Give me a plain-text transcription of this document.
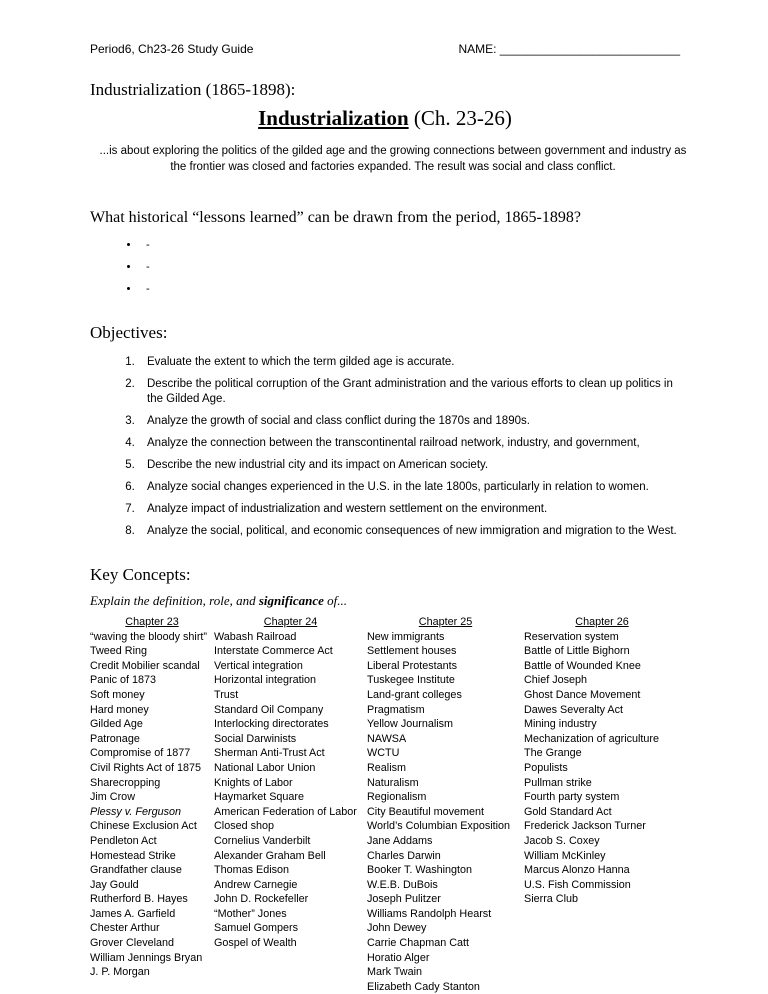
Period6, Ch23-26 Study Guide	NAME: ___________________________
Industrialization (1865-1898):
Industrialization (Ch. 23-26)
...is about exploring the politics of the gilded age and the growing connections between government and industry as the frontier was closed and factories expanded. The result was social and class conflict.
What historical “lessons learned” can be drawn from the period, 1865-1898?
• -
• -
• -
Objectives:
1. Evaluate the extent to which the term gilded age is accurate.
2. Describe the political corruption of the Grant administration and the various efforts to clean up politics in the Gilded Age.
3. Analyze the growth of social and class conflict during the 1870s and 1890s.
4. Analyze the connection between the transcontinental railroad network, industry, and government,
5. Describe the new industrial city and its impact on American society.
6. Analyze social changes experienced in the U.S. in the late 1800s, particularly in relation to women.
7. Analyze impact of industrialization and western settlement on the environment.
8. Analyze the social, political, and economic consequences of new immigration and migration to the West.
Key Concepts:
Explain the definition, role, and significance of...
Chapter 23
“waving the bloody shirt”
Tweed Ring
Credit Mobilier scandal
Panic of 1873
Soft money
Hard money
Gilded Age
Patronage
Compromise of 1877
Civil Rights Act of 1875
Sharecropping
Jim Crow
Plessy v. Ferguson
Chinese Exclusion Act
Pendleton Act
Homestead Strike
Grandfather clause
Jay Gould
Rutherford B. Hayes
James A. Garfield
Chester Arthur
Grover Cleveland
William Jennings Bryan
J. P. Morgan
Chapter 24
Wabash Railroad
Interstate Commerce Act
Vertical integration
Horizontal integration
Trust
Standard Oil Company
Interlocking directorates
Social Darwinists
Sherman Anti-Trust Act
National Labor Union
Knights of Labor
Haymarket Square
American Federation of Labor
Closed shop
Cornelius Vanderbilt
Alexander Graham Bell
Thomas Edison
Andrew Carnegie
John D. Rockefeller
“Mother” Jones
Samuel Gompers
Gospel of Wealth
Chapter 25
New immigrants
Settlement houses
Liberal Protestants
Tuskegee Institute
Land-grant colleges
Pragmatism
Yellow Journalism
NAWSA
WCTU
Realism
Naturalism
Regionalism
City Beautiful movement
World’s Columbian Exposition
Jane Addams
Charles Darwin
Booker T. Washington
W.E.B. DuBois
Joseph Pulitzer
Williams Randolph Hearst
John Dewey
Carrie Chapman Catt
Horatio Alger
Mark Twain
Elizabeth Cady Stanton
Chapter 26
Reservation system
Battle of Little Bighorn
Battle of Wounded Knee
Chief Joseph
Ghost Dance Movement
Dawes Severalty Act
Mining industry
Mechanization of agriculture
The Grange
Populists
Pullman strike
Fourth party system
Gold Standard Act
Frederick Jackson Turner
Jacob S. Coxey
William McKinley
Marcus Alonzo Hanna
U.S. Fish Commission
Sierra Club
